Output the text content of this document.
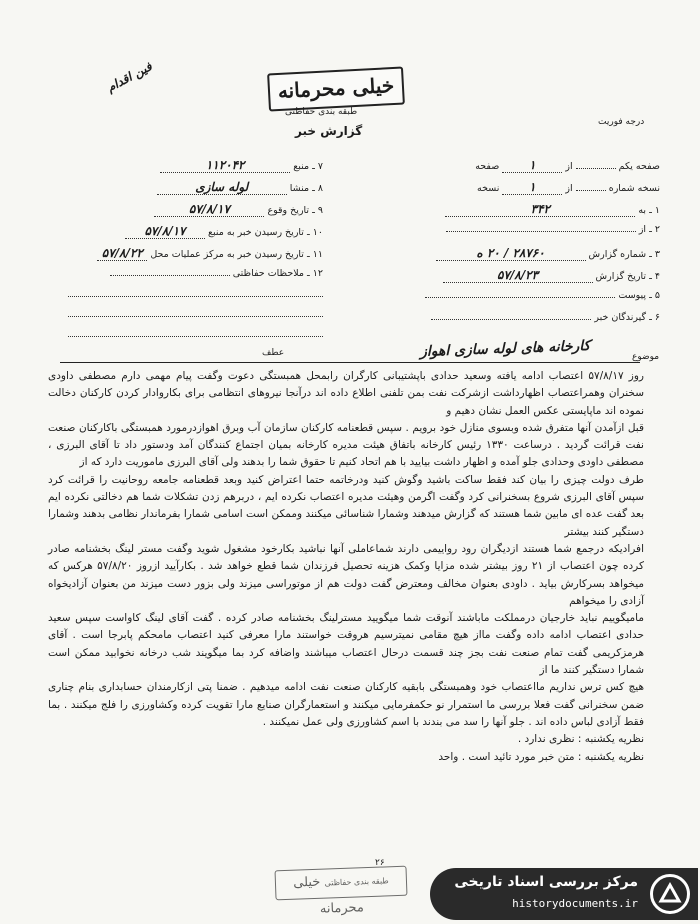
فین اقدام	خیلی محرمانه
طبقه بندی حفاظتی
گزارش خبر
درجه فوریت
۷ ـ منبع ۱۱۲۰۴۲
۸ ـ منشا لوله سازی
۹ ـ تاریخ وقوع ۵۷/۸/۱۷
۱۰ ـ تاریخ رسیدن خبر به منبع ۵۷/۸/۱۷
۱۱ ـ تاریخ رسیدن خبر به مرکز عملیات محل ۵۷/۸/۲۲
۱۲ ـ ملاحظات حفاظتی
صفحه یکم  از ۱ صفحه
نسخه شماره  از ۱ نسخه
۱ ـ به ۳۴۲
۲ ـ از
۳ ـ شماره گزارش ۲۸۷۶۰ / ۲۰ ه
۴ ـ تاریخ گزارش ۵۷/۸/۲۳
۵ ـ پیوست
۶ ـ گیرندگان خبر
موضوع
کارخانه های لوله سازی اهواز
عطف

روز ۵۷/۸/۱۷ اعتصاب ادامه یافته وسعید حدادی باپشتیبانی کارگران رابمحل همبستگی دعوت وگفت پیام مهمی دارم مصطفی داودی سخنران وهمراعتصاب اظهارداشت ازشرکت نفت بمن تلفنی اطلاع داده اند درآنجا نیروهای انتظامی برای بکاروادار کردن کارکنان دخالت نموده اند ماپایستی عکس العمل نشان دهیم و

قبل ازآمدن آنها متفرق شده وبسوی منازل خود برویم . سپس قطعنامه کارکنان سازمان آب وبرق اهوازدرمورد همبستگی باکارکنان صنعت نفت قرائت گردید . درساعت ۱۳۳۰ رئیس کارخانه باتفاق هیئت مدیره کارخانه بمیان اجتماع کنندگان آمد ودستور داد تا آقای البرزی ، مصطفی داودی وحدادی جلو آمده و اظهار داشت بیایید با هم اتحاد کنیم تا حقوق شما را بدهند ولی آقای البرزی ماموریت دارد که از

طرف دولت چیزی را بیان کند فقط ساکت باشید وگوش کنید ودرخاتمه حتما اعتراض کنید وبعد قطعنامه جامعه روحانیت را قرائت کرد سپس آقای البرزی شروع بسخنرانی کرد وگفت اگرمن وهیئت مدیره اعتصاب نکرده ایم ، دربرهم زدن تشکلات شما هم دخالتی نکرده ایم بعد گفت عده ای مابین شما هستند که گزارش میدهند وشمارا شناسائی میکنند وممکن است اسامی شمارا بفرماندار نظامی بدهند وشمارا دستگیر کنند بیشتر

افرادیکه درجمع شما هستند ازدیگران رود رواییمی دارند شماعاملی آنها نباشید بکارخود مشغول شوید وگفت مستر لینگ بخشنامه صادر کرده چون اعتصاب از ۲۱ روز بیشتر شده مزایا وکمک هزینه تحصیل فرزندان شما قطع خواهد شد . بکارآیید ازروز ۵۷/۸/۲۰ هرکس که میخواهد بسرکارش بیاید . داودی بعنوان مخالف ومعترض گفت دولت هم از موتوراسی میزند ولی بزور دست میزند من بعنوان آزادیخواه آزادی را میخواهم

مامیگوییم نباید خارجیان درمملکت ماباشند آنوقت شما میگویید مسترلینگ بخشنامه صادر کرده . گفت آقای لینگ کاواست سپس سعید حدادی اعتصاب ادامه داده وگفت مااز هیچ مقامی نمیترسیم هروقت خواستند مارا معرفی کنید اعتصاب مامحکم پابرجا است . آقای هرمزکریمی گفت تمام صنعت نفت بجز چند قسمت درحال اعتصاب میباشند واضافه کرد بما میگویند شب درخانه نخوابید ممکن است شمارا دستگیر کنند ما از

هیچ کس ترس نداریم مااعتصاب خود وهمبستگی بابقیه کارکنان صنعت نفت ادامه میدهیم . ضمنا پتی ازکارمندان حسابداری بنام چناری ضمن سخنرانی گفت فعلا بررسی ما استمرار نو حکمفرمایی میکنند و استعمارگران صنایع مارا تقویت کرده وکشاورزی را فلج میکنند . بما فقط آزادی لباس داده اند . جلو آنها را سد می بندند با اسم کشاورزی ولی عمل نمیکنند .

نظریه یکشنبه : نظری ندارد .

نظریه یکشنبه : متن خبر مورد تائید است . واحد

۲۶
طبقه بندی حفاظتی خیلی محرمانه
مرکز بررسی اسناد تاریخی
historydocuments.ir
